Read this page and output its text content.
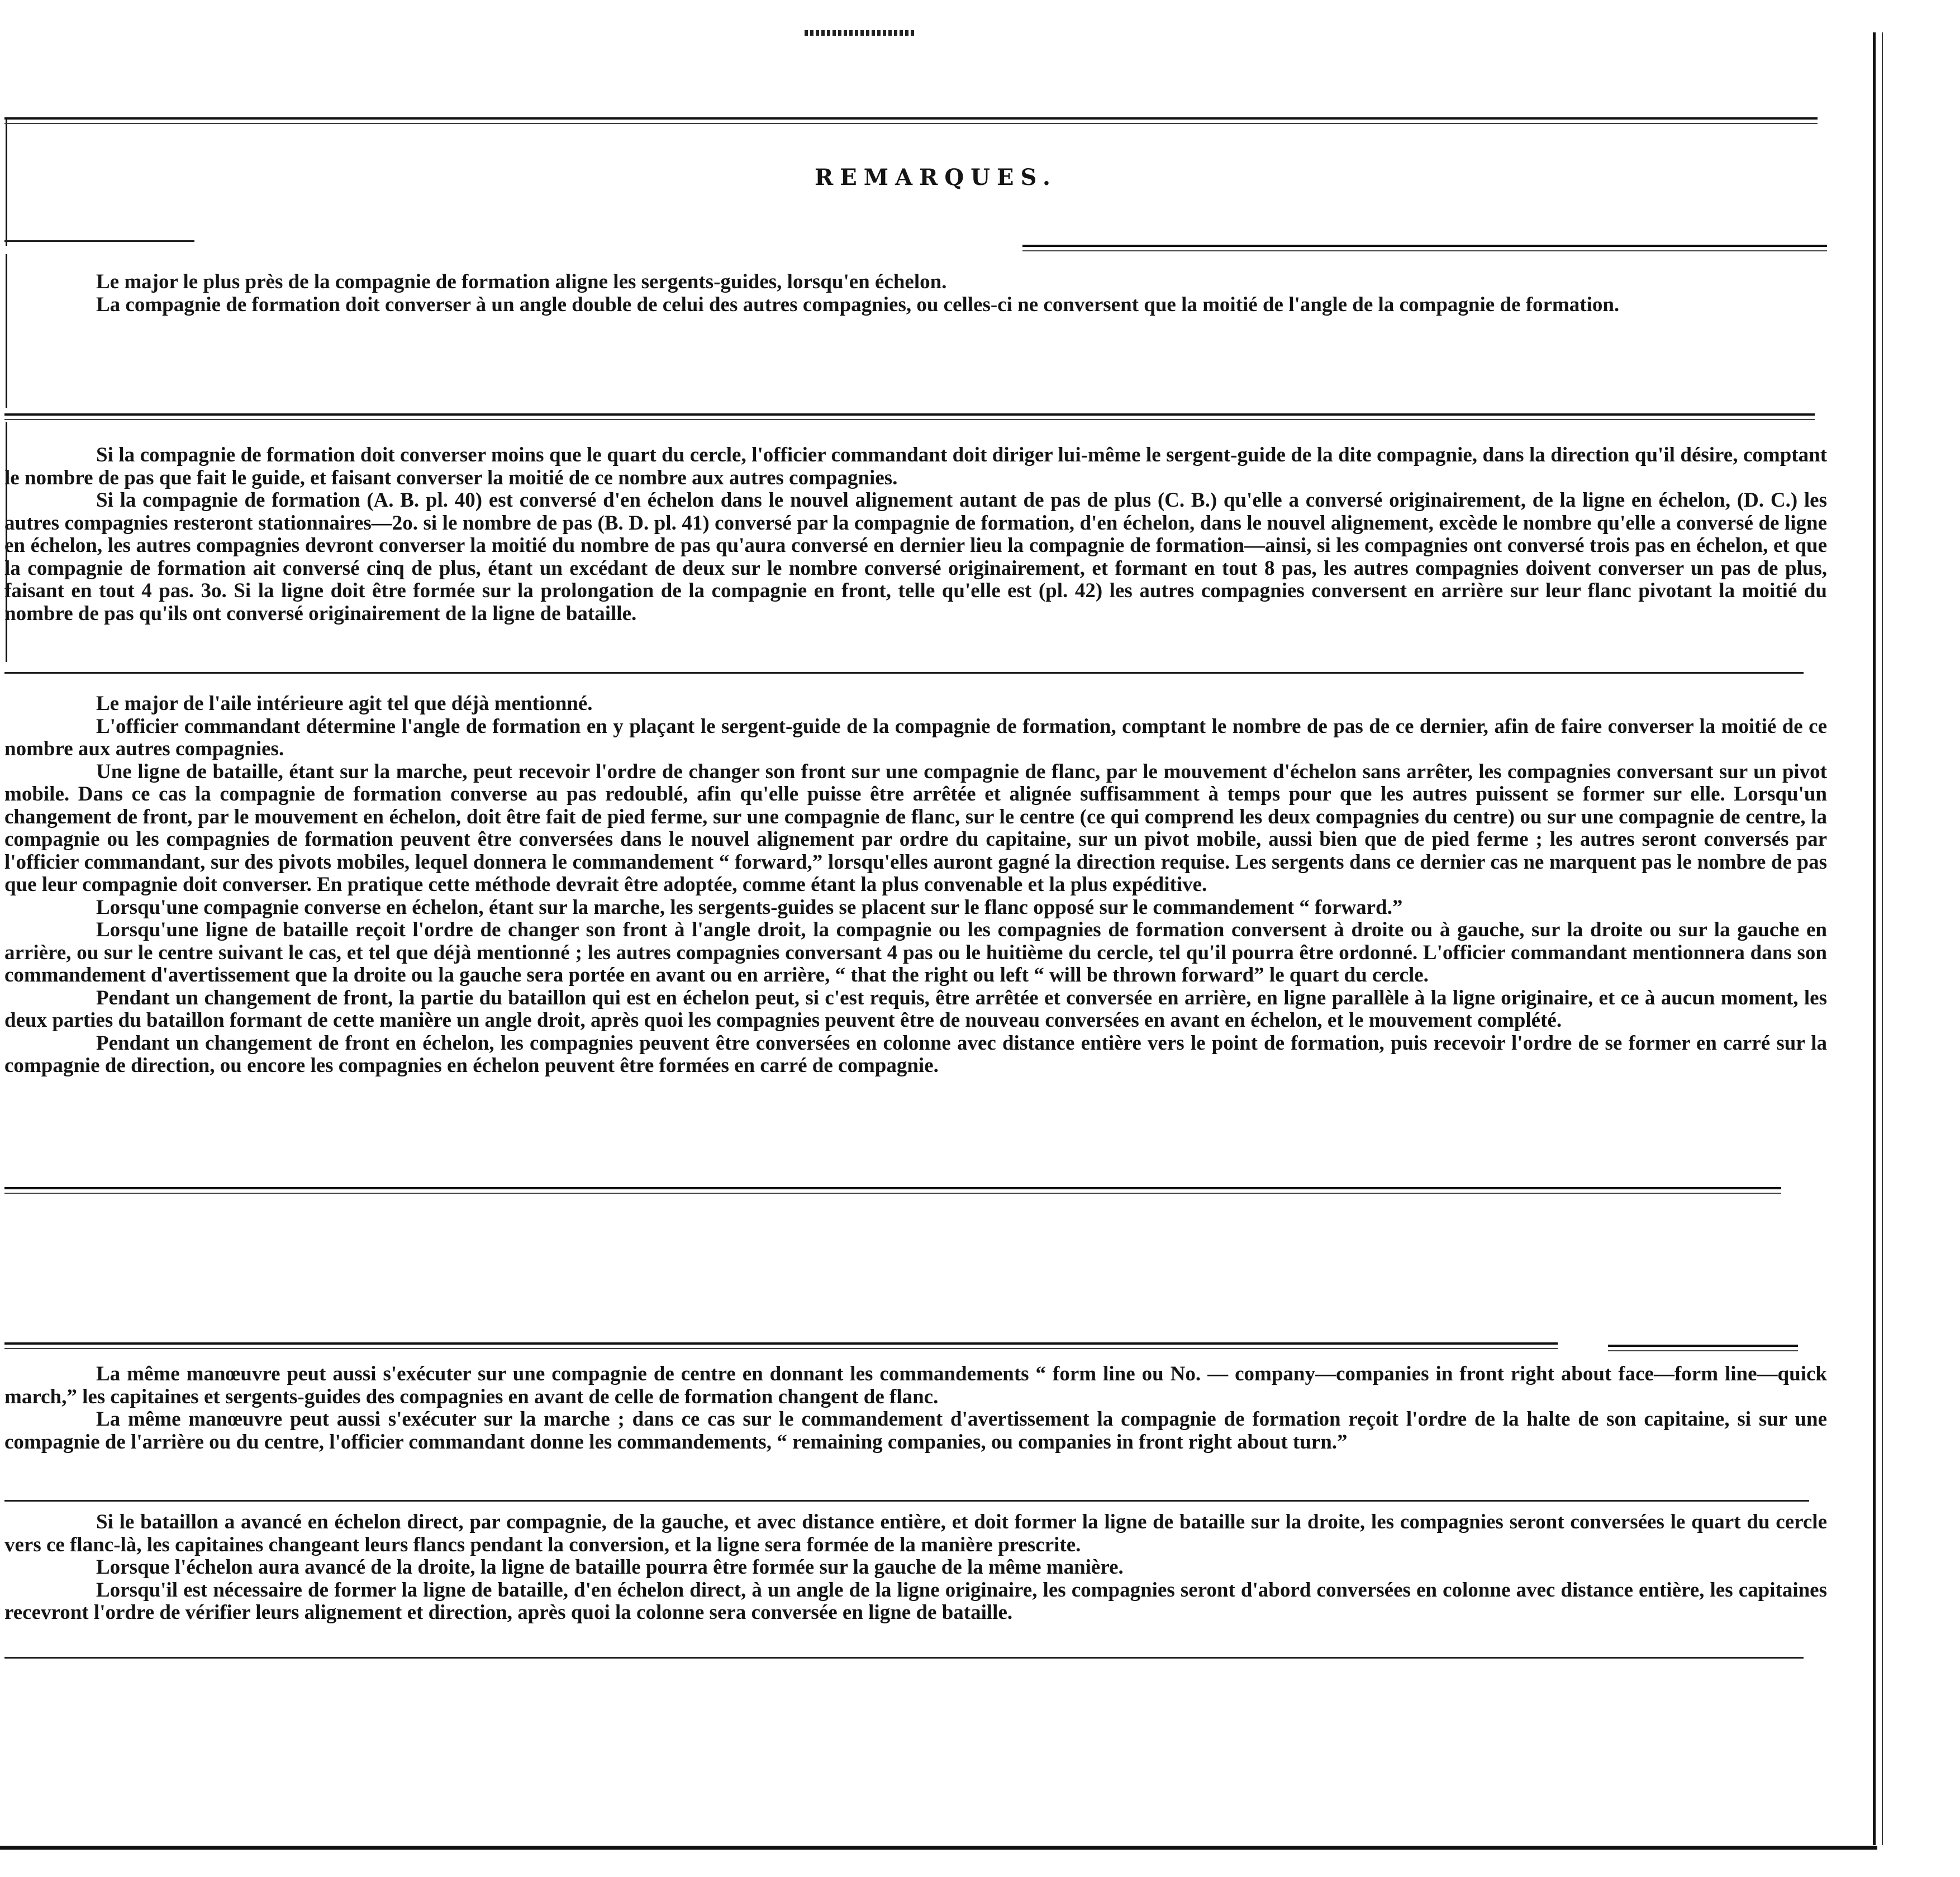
REMARQUES.

Le major le plus près de la compagnie de formation aligne les sergents-guides, lorsqu'en échelon.

La compagnie de formation doit converser à un angle double de celui des autres compagnies, ou celles-ci ne conversent que la moitié de l'angle de la compagnie de formation.

Si la compagnie de formation doit converser moins que le quart du cercle, l'officier commandant doit diriger lui-même le sergent-guide de la dite compagnie, dans la direction qu'il désire, comptant le nombre de pas que fait le guide, et faisant converser la moitié de ce nombre aux autres compagnies.

Si la compagnie de formation (A. B. pl. 40) est conversé d'en échelon dans le nouvel alignement autant de pas de plus (C. B.) qu'elle a conversé originairement, de la ligne en échelon, (D. C.) les autres compagnies resteront stationnaires—2o. si le nombre de pas (B. D. pl. 41) conversé par la compagnie de formation, d'en échelon, dans le nouvel alignement, excède le nombre qu'elle a conversé de ligne en échelon, les autres compagnies devront converser la moitié du nombre de pas qu'aura conversé en dernier lieu la compagnie de formation—ainsi, si les compagnies ont conversé trois pas en échelon, et que la compagnie de formation ait conversé cinq de plus, étant un excédant de deux sur le nombre conversé originairement, et formant en tout 8 pas, les autres compagnies doivent converser un pas de plus, faisant en tout 4 pas. 3o. Si la ligne doit être formée sur la prolongation de la compagnie en front, telle qu'elle est (pl. 42) les autres compagnies conversent en arrière sur leur flanc pivotant la moitié du nombre de pas qu'ils ont conversé originairement de la ligne de bataille.

Le major de l'aile intérieure agit tel que déjà mentionné.

L'officier commandant détermine l'angle de formation en y plaçant le sergent-guide de la compagnie de formation, comptant le nombre de pas de ce dernier, afin de faire converser la moitié de ce nombre aux autres compagnies.

Une ligne de bataille, étant sur la marche, peut recevoir l'ordre de changer son front sur une compagnie de flanc, par le mouvement d'échelon sans arrêter, les compagnies conversant sur un pivot mobile. Dans ce cas la compagnie de formation converse au pas redoublé, afin qu'elle puisse être arrêtée et alignée suffisamment à temps pour que les autres puissent se former sur elle. Lorsqu'un changement de front, par le mouvement en échelon, doit être fait de pied ferme, sur une compagnie de flanc, sur le centre (ce qui comprend les deux compagnies du centre) ou sur une compagnie de centre, la compagnie ou les compagnies de formation peuvent être conversées dans le nouvel alignement par ordre du capitaine, sur un pivot mobile, aussi bien que de pied ferme ; les autres seront conversés par l'officier commandant, sur des pivots mobiles, lequel donnera le commandement “ forward,” lorsqu'elles auront gagné la direction requise. Les sergents dans ce dernier cas ne marquent pas le nombre de pas que leur compagnie doit converser. En pratique cette méthode devrait être adoptée, comme étant la plus convenable et la plus expéditive.

Lorsqu'une compagnie converse en échelon, étant sur la marche, les sergents-guides se placent sur le flanc opposé sur le commandement “ forward.”

Lorsqu'une ligne de bataille reçoit l'ordre de changer son front à l'angle droit, la compagnie ou les compagnies de formation conversent à droite ou à gauche, sur la droite ou sur la gauche en arrière, ou sur le centre suivant le cas, et tel que déjà mentionné ; les autres compagnies conversant 4 pas ou le huitième du cercle, tel qu'il pourra être ordonné. L'officier commandant mentionnera dans son commandement d'avertissement que la droite ou la gauche sera portée en avant ou en arrière, “ that the right ou left “ will be thrown forward” le quart du cercle.

Pendant un changement de front, la partie du bataillon qui est en échelon peut, si c'est requis, être arrêtée et conversée en arrière, en ligne parallèle à la ligne originaire, et ce à aucun moment, les deux parties du bataillon formant de cette manière un angle droit, après quoi les compagnies peuvent être de nouveau conversées en avant en échelon, et le mouvement complété.

Pendant un changement de front en échelon, les compagnies peuvent être conversées en colonne avec distance entière vers le point de formation, puis recevoir l'ordre de se former en carré sur la compagnie de direction, ou encore les compagnies en échelon peuvent être formées en carré de compagnie.

La même manœuvre peut aussi s'exécuter sur une compagnie de centre en donnant les commandements “ form line ou No. — company—companies in front right about face—form line—quick march,” les capitaines et sergents-guides des compagnies en avant de celle de formation changent de flanc.

La même manœuvre peut aussi s'exécuter sur la marche ; dans ce cas sur le commandement d'avertissement la compagnie de formation reçoit l'ordre de la halte de son capitaine, si sur une compagnie de l'arrière ou du centre, l'officier commandant donne les commandements, “ remaining companies, ou companies in front right about turn.”

Si le bataillon a avancé en échelon direct, par compagnie, de la gauche, et avec distance entière, et doit former la ligne de bataille sur la droite, les compagnies seront conversées le quart du cercle vers ce flanc-là, les capitaines changeant leurs flancs pendant la conversion, et la ligne sera formée de la manière prescrite.

Lorsque l'échelon aura avancé de la droite, la ligne de bataille pourra être formée sur la gauche de la même manière.

Lorsqu'il est nécessaire de former la ligne de bataille, d'en échelon direct, à un angle de la ligne originaire, les compagnies seront d'abord conversées en colonne avec distance entière, les capitaines recevront l'ordre de vérifier leurs alignement et direction, après quoi la colonne sera conversée en ligne de bataille.
